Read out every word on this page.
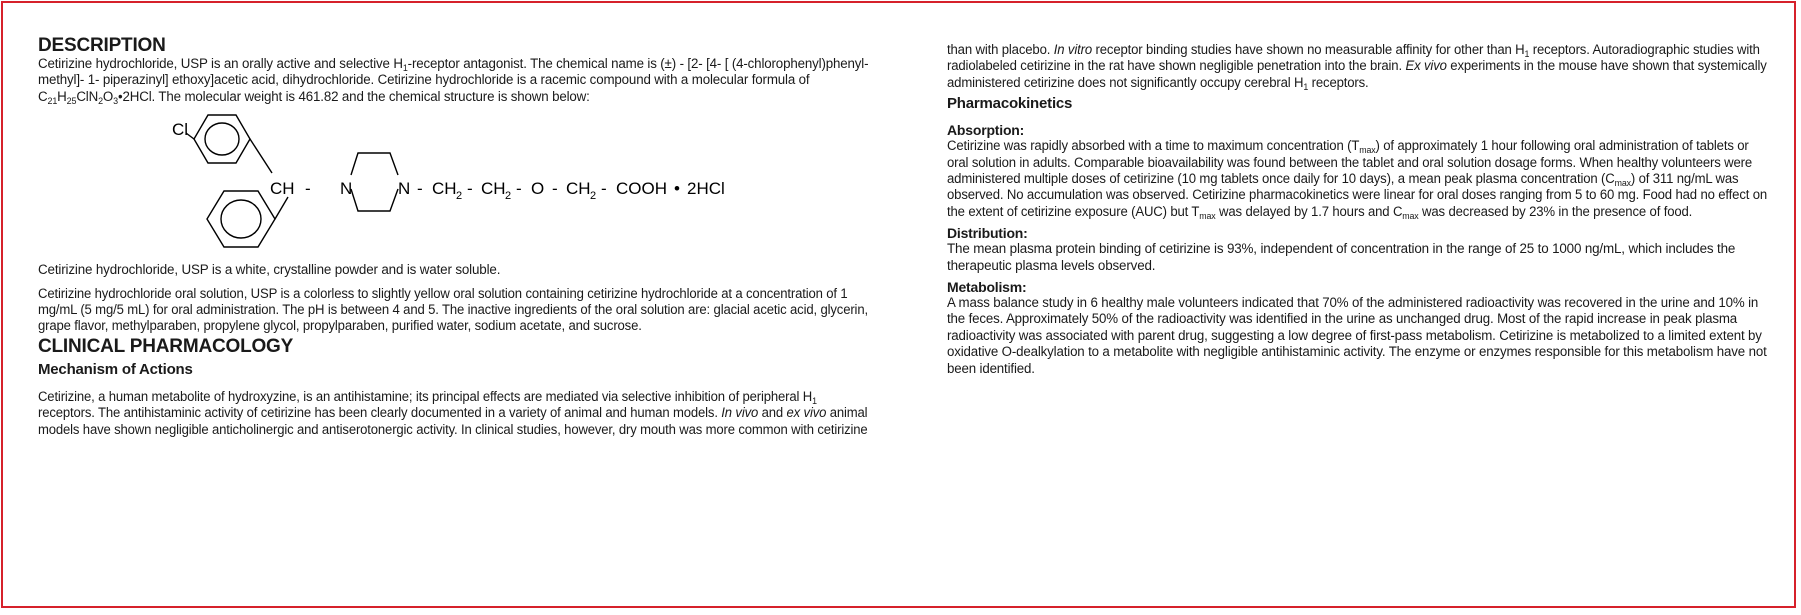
DESCRIPTION

Cetirizine hydrochloride, USP is an orally active and selective $H_1$-receptor antagonist. The chemical name is (±) - [2- [4- [ (4-chlorophenyl)phenyl-
methyl]- 1- piperazinyl] ethoxy]acetic acid, dihydrochloride. Cetirizine hydrochloride is a racemic compound with a molecular formula of
$C_{21}H_{25}ClN_2O_3•2HCl$. The molecular weight is 461.82 and the chemical structure is shown below:

Cl
CH - N	N - CH 2 - CH 2 - O - CH 2 - COOH • 2HCl

Cetirizine hydrochloride, USP is a white, crystalline powder and is water soluble.

Cetirizine hydrochloride oral solution, USP is a colorless to slightly yellow oral solution containing cetirizine hydrochloride at a concentration of 1
mg/mL (5 mg/5 mL) for oral administration. The pH is between 4 and 5. The inactive ingredients of the oral solution are: glacial acetic acid, glycerin,
grape flavor, methylparaben, propylene glycol, propylparaben, purified water, sodium acetate, and sucrose.

CLINICAL PHARMACOLOGY
Mechanism of Actions

Cetirizine, a human metabolite of hydroxyzine, is an antihistamine; its principal effects are mediated via selective inhibition of peripheral $H_1$
receptors. The antihistaminic activity of cetirizine has been clearly documented in a variety of animal and human models. In vivo and ex vivo animal
models have shown negligible anticholinergic and antiserotonergic activity. In clinical studies, however, dry mouth was more common with cetirizine

than with placebo. In vitro receptor binding studies have shown no measurable affinity for other than $H_1$ receptors. Autoradiographic studies with
radiolabeled cetirizine in the rat have shown negligible penetration into the brain. Ex vivo experiments in the mouse have shown that systemically
administered cetirizine does not significantly occupy cerebral $H_1$ receptors.

Pharmacokinetics
Absorption:

Cetirizine was rapidly absorbed with a time to maximum concentration $(T_{max})$ of approximately 1 hour following oral administration of tablets or
oral solution in adults. Comparable bioavailability was found between the tablet and oral solution dosage forms. When healthy volunteers were
administered multiple doses of cetirizine (10 mg tablets once daily for 10 days), a mean peak plasma concentration $(C_{max})$ of 311 ng/mL was
observed. No accumulation was observed. Cetirizine pharmacokinetics were linear for oral doses ranging from 5 to 60 mg. Food had no effect on
the extent of cetirizine exposure (AUC) but $T_{max}$ was delayed by 1.7 hours and $C_{max}$ was decreased by 23% in the presence of food.

Distribution:

The mean plasma protein binding of cetirizine is 93%, independent of concentration in the range of 25 to 1000 ng/mL, which includes the
therapeutic plasma levels observed.

Metabolism:

A mass balance study in 6 healthy male volunteers indicated that 70% of the administered radioactivity was recovered in the urine and 10% in
the feces. Approximately 50% of the radioactivity was identified in the urine as unchanged drug. Most of the rapid increase in peak plasma
radioactivity was associated with parent drug, suggesting a low degree of first-pass metabolism. Cetirizine is metabolized to a limited extent by
oxidative O-dealkylation to a metabolite with negligible antihistaminic activity. The enzyme or enzymes responsible for this metabolism have not
been identified.
